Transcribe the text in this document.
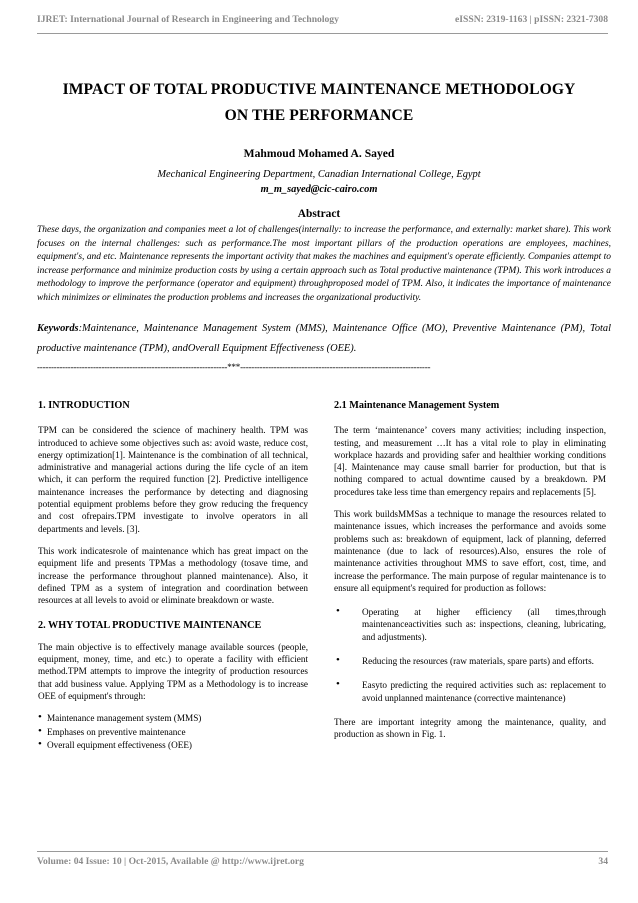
IJRET: International Journal of Research in Engineering and Technology	eISSN: 2319-1163 | pISSN: 2321-7308
IMPACT OF TOTAL PRODUCTIVE MAINTENANCE METHODOLOGY
ON THE PERFORMANCE
Mahmoud Mohamed A. Sayed
Mechanical Engineering Department, Canadian International College, Egypt
m_m_sayed@cic-cairo.com
Abstract
These days, the organization and companies meet a lot of challenges(internally: to increase the performance, and externally: market share). This work focuses on the internal challenges: such as performance.The most important pillars of the production operations are employees, machines, equipment's, and etc. Maintenance represents the important activity that makes the machines and equipment's operate efficiently. Companies attempt to increase performance and minimize production costs by using a certain approach such as Total productive maintenance (TPM). This work introduces a methodology to improve the performance (operator and equipment) throughproposed model of TPM. Also, it indicates the importance of maintenance which minimizes or eliminates the production problems and increases the organizational productivity.
Keywords:Maintenance, Maintenance Management System (MMS), Maintenance Office (MO), Preventive Maintenance (PM), Total productive maintenance (TPM), andOverall Equipment Effectiveness (OEE).
--------------------------------------------------------------------***--------------------------------------------------------------------
1. INTRODUCTION

TPM can be considered the science of machinery health. TPM was introduced to achieve some objectives such as: avoid waste, reduce cost, energy optimization[1]. Maintenance is the combination of all technical, administrative and managerial actions during the life cycle of an item which, it can perform the required function [2]. Predictive intelligence maintenance increases the performance by detecting and diagnosing potential equipment problems before they grow reducing the frequency and cost ofrepairs.TPM investigate to involve operators in all departments and levels. [3].

This work indicatesrole of maintenance which has great impact on the equipment life and presents TPMas a methodology (tosave time, and increase the performance throughout planned maintenance). Also, it defined TPM as a system of integration and coordination between resources at all levels to avoid or eliminate breakdown or waste.

2. WHY TOTAL PRODUCTIVE MAINTENANCE

The main objective is to effectively manage available sources (people, equipment, money, time, and etc.) to operate a facility with efficient method.TPM attempts to improve the integrity of production resources that add business value. Applying TPM as a Methodology is to increase OEE of equipment's through:

• Maintenance management system (MMS)
• Emphases on preventive maintenance
• Overall equipment effectiveness (OEE)
2.1 Maintenance Management System

The term ‘maintenance’ covers many activities; including inspection, testing, and measurement …It has a vital role to play in eliminating workplace hazards and providing safer and healthier working conditions [4]. Maintenance may cause small barrier for production, but that is nothing compared to actual downtime caused by a breakdown. PM procedures take less time than emergency repairs and replacements [5].

This work buildsMMSas a technique to manage the resources related to maintenance issues, which increases the performance and avoids some problems such as: breakdown of equipment, lack of planning, deferred maintenance (due to lack of resources).Also, ensures the role of maintenance activities throughout MMS to save effort, cost, time, and increase the performance. The main purpose of regular maintenance is to ensure all equipment's required for production as follows:

• Operating at higher efficiency (all times,through maintenanceactivities such as: inspections, cleaning, lubricating, and adjustments).
• Reducing the resources (raw materials, spare parts) and efforts.
• Easyto predicting the required activities such as: replacement to avoid unplanned maintenance (corrective maintenance)

There are important integrity among the maintenance, quality, and production as shown in Fig. 1.

Volume: 04 Issue: 10 | Oct-2015, Available @ http://www.ijret.org	34
